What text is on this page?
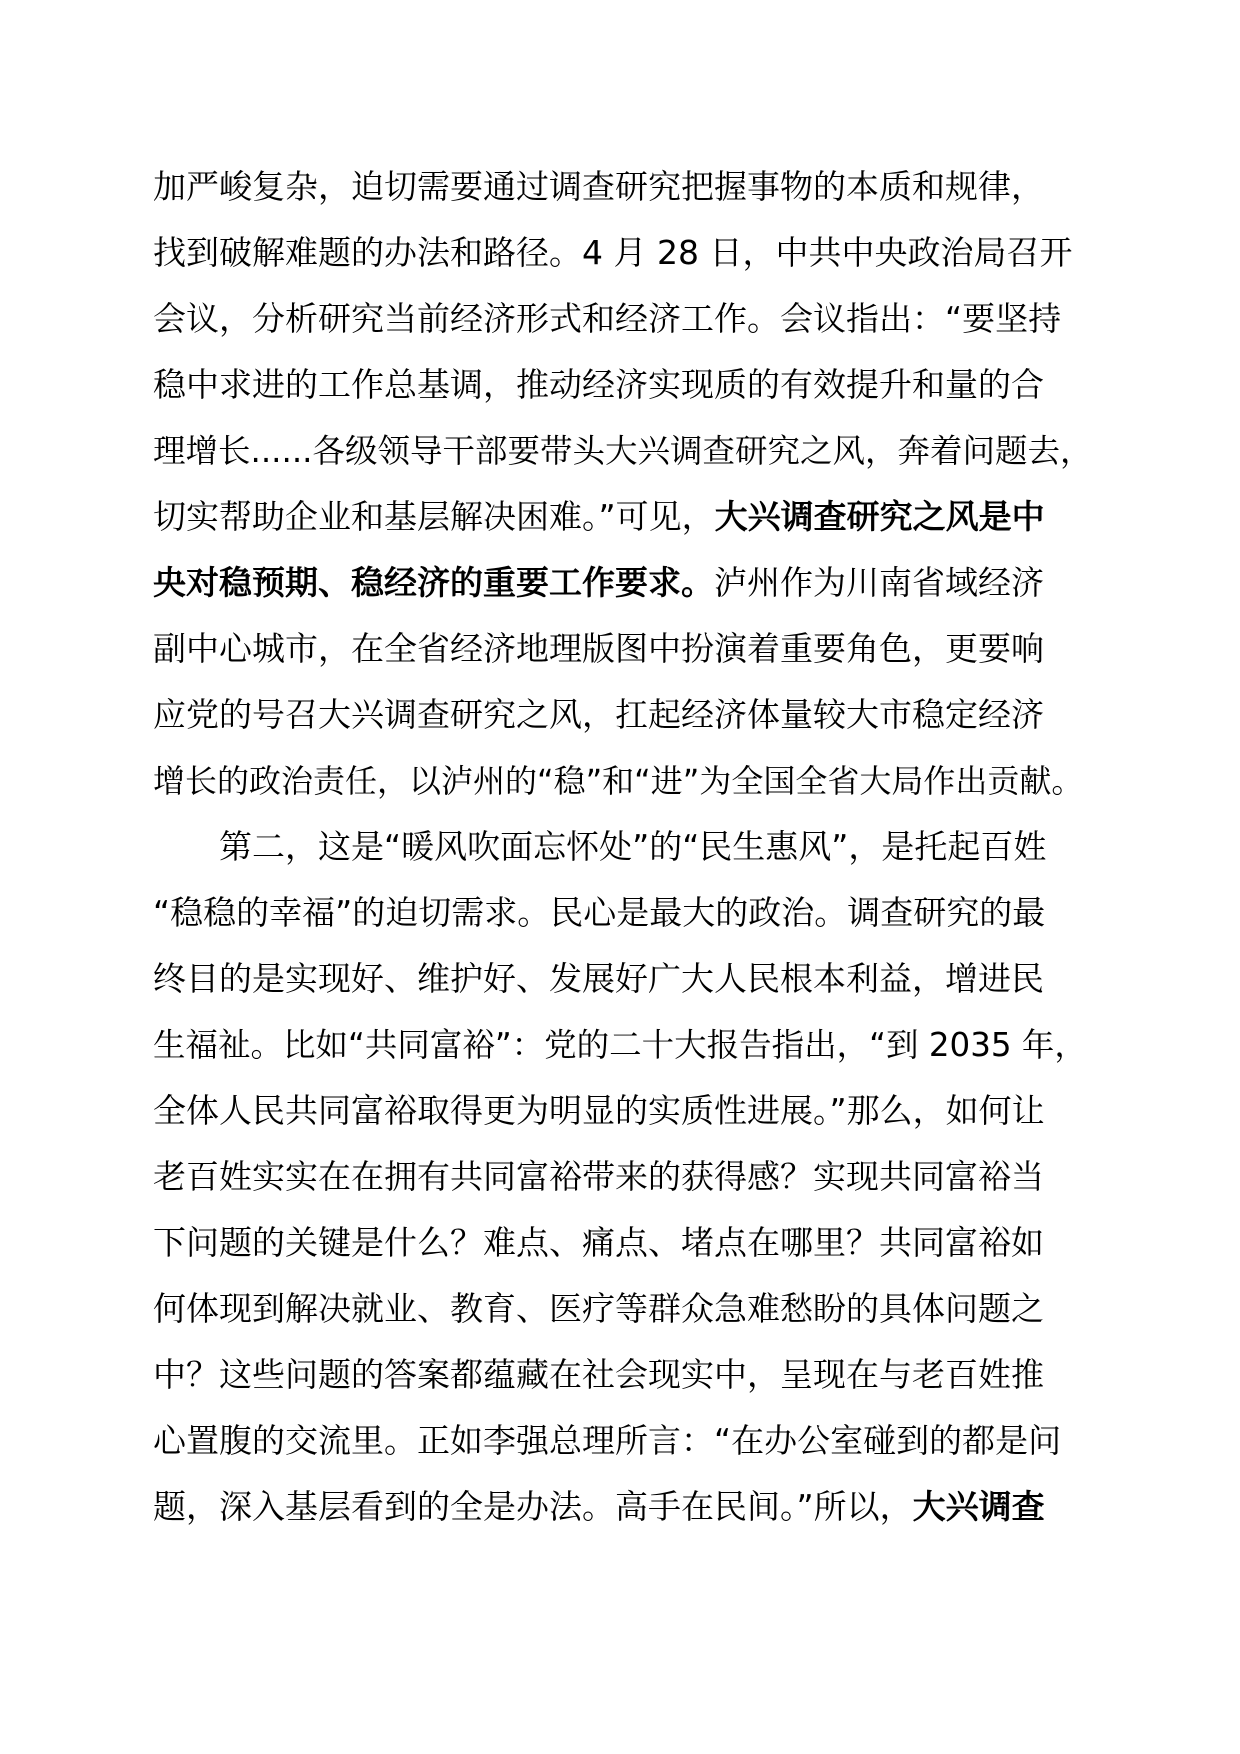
加严峻复杂，迫切需要通过调查研究把握事物的本质和规律，
找到破解难题的办法和路径。4 月 28 日，中共中央政治局召开
会议，分析研究当前经济形式和经济工作。会议指出：“要坚持
稳中求进的工作总基调，推动经济实现质的有效提升和量的合
理增长......各级领导干部要带头大兴调查研究之风，奔着问题去，
切实帮助企业和基层解决困难。”可见，大兴调查研究之风是中
央对稳预期、稳经济的重要工作要求。泸州作为川南省域经济
副中心城市，在全省经济地理版图中扮演着重要角色，更要响
应党的号召大兴调查研究之风，扛起经济体量较大市稳定经济
增长的政治责任，以泸州的“稳”和“进”为全国全省大局作出贡献。
第二，这是“暖风吹面忘怀处”的“民生惠风”，是托起百姓
“稳稳的幸福”的迫切需求。民心是最大的政治。调查研究的最
终目的是实现好、维护好、发展好广大人民根本利益，增进民
生福祉。比如“共同富裕”：党的二十大报告指出，“到 2035 年，
全体人民共同富裕取得更为明显的实质性进展。”那么，如何让
老百姓实实在在拥有共同富裕带来的获得感？实现共同富裕当
下问题的关键是什么？难点、痛点、堵点在哪里？共同富裕如
何体现到解决就业、教育、医疗等群众急难愁盼的具体问题之
中？这些问题的答案都蕴藏在社会现实中，呈现在与老百姓推
心置腹的交流里。正如李强总理所言：“在办公室碰到的都是问
题，深入基层看到的全是办法。高手在民间。”所以，大兴调查
